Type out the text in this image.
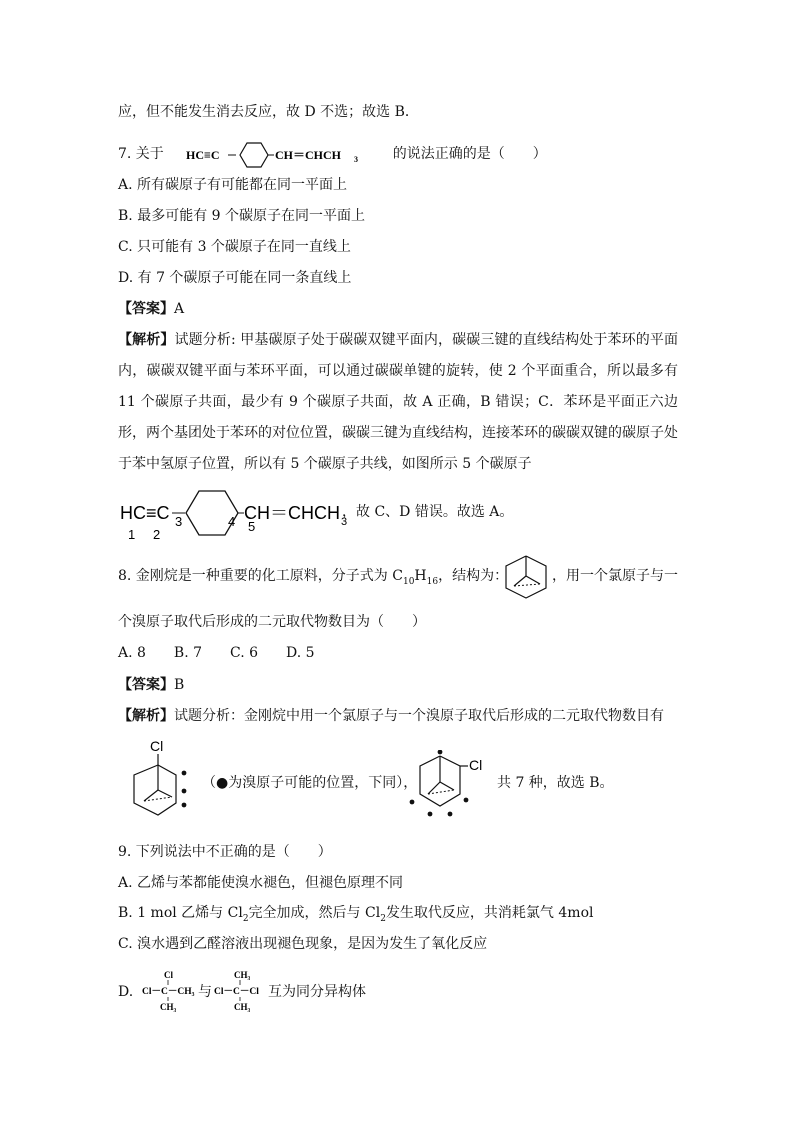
应，但不能发生消去反应，故 D 不选；故选 B．
7. 关于 HC≡C	CH＝CHCH 3 的说法正确的是（　　）
A. 所有碳原子有可能都在同一平面上
B. 最多可能有 9 个碳原子在同一平面上
C. 只可能有 3 个碳原子在同一直线上
D. 有 7 个碳原子可能在同一条直线上
【答案】A
【解析】试题分析: 甲基碳原子处于碳碳双键平面内，碳碳三键的直线结构处于苯环的平面内，碳碳双键平面与苯环平面，可以通过碳碳单键的旋转，使 2 个平面重合，所以最多有 11 个碳原子共面，最少有 9 个碳原子共面，故 A 正确，B 错误；C．苯环是平面正六边形，两个基团处于苯环的对位位置，碳碳三键为直线结构，连接苯环的碳碳双键的碳原子处于苯中氢原子位置，所以有 5 个碳原子共线，如图所示 5 个碳原子
HC≡C	CH＝CHCH 3
1 2
3	4 5
，故 C、D 错误。故选 A。
8. 金刚烷是一种重要的化工原料，分子式为 $C_{10}H_{16}$，结构为：	，用一个氯原子与一
个溴原子取代后形成的二元取代物数目为（　　）
A. 8　　B. 7　　C. 6　　D. 5
【答案】B
【解析】试题分析：金刚烷中用一个氯原子与一个溴原子取代后形成的二元取代物数目有
Cl
（●为溴原子可能的位置，下同），
Cl
共 7 种，故选 B。
9. 下列说法中不正确的是（　　）
A. 乙烯与苯都能使溴水褪色，但褪色原理不同
B. 1 mol 乙烯与 $Cl_2$完全加成，然后与 $Cl_2$发生取代反应，共消耗氯气 4mol
C. 溴水遇到乙醛溶液出现褪色现象，是因为发生了氧化反应
D.
Cl
Cl－C－CH₃
CH₃
与
CH₃
Cl－C－Cl
CH₃
互为同分异构体
